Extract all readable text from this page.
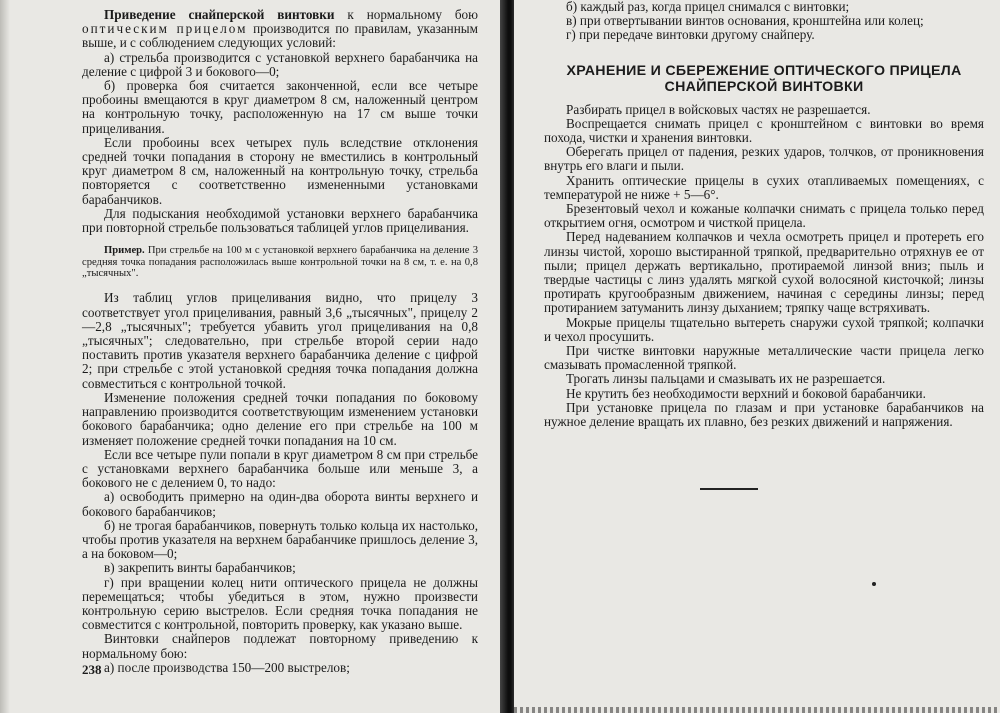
Приведение снайперской винтовки к нормальному бою оптическим прицелом производится по правилам, указанным выше, и с соблюдением следующих условий:

а) стрельба производится с установкой верхнего барабанчика на деление с цифрой 3 и бокового—0;

б) проверка боя считается законченной, если все четыре пробоины вмещаются в круг диаметром 8 см, наложенный центром на контрольную точку, расположенную на 17 см выше точки прицеливания.

Если пробоины всех четырех пуль вследствие отклонения средней точки попадания в сторону не вместились в контрольный круг диаметром 8 см, наложенный на контрольную точку, стрельба повторяется с соответственно измененными установками барабанчиков.

Для подыскания необходимой установки верхнего барабанчика при повторной стрельбе пользоваться таблицей углов прицеливания.

Пример. При стрельбе на 100 м с установкой верхнего барабанчика на деление 3 средняя точка попадания расположилась выше контрольной точки на 8 см, т. е. на 0,8 „тысячных".

Из таблиц углов прицеливания видно, что прицелу 3 соответствует угол прицеливания, равный 3,6 „тысячных", прицелу 2—2,8 „тысячных"; требуется убавить угол прицеливания на 0,8 „тысячных"; следовательно, при стрельбе второй серии надо поставить против указателя верхнего барабанчика деление с цифрой 2; при стрельбе с этой установкой средняя точка попадания должна совместиться с контрольной точкой.

Изменение положения средней точки попадания по боковому направлению производится соответствующим изменением установки бокового барабанчика; одно деление его при стрельбе на 100 м изменяет положение средней точки попадания на 10 см.

Если все четыре пули попали в круг диаметром 8 см при стрельбе с установками верхнего барабанчика больше или меньше 3, а бокового не с делением 0, то надо:

а) освободить примерно на один-два оборота винты верхнего и бокового барабанчиков;

б) не трогая барабанчиков, повернуть только кольца их настолько, чтобы против указателя на верхнем барабанчике пришлось деление 3, а на боковом—0;

в) закрепить винты барабанчиков;

г) при вращении колец нити оптического прицела не должны перемещаться; чтобы убедиться в этом, нужно произвести контрольную серию выстрелов. Если средняя точка попадания не совместится с контрольной, повторить проверку, как указано выше.

Винтовки снайперов подлежат повторному приведению к нормальному бою:

а) после производства 150—200 выстрелов;

238

б) каждый раз, когда прицел снимался с винтовки;

в) при отвертывании винтов основания, кронштейна или колец;

г) при передаче винтовки другому снайперу.

ХРАНЕНИЕ И СБЕРЕЖЕНИЕ ОПТИЧЕСКОГО ПРИЦЕЛА СНАЙПЕРСКОЙ ВИНТОВКИ

Разбирать прицел в войсковых частях не разрешается.

Воспрещается снимать прицел с кронштейном с винтовки во время похода, чистки и хранения винтовки.

Оберегать прицел от падения, резких ударов, толчков, от проникновения внутрь его влаги и пыли.

Хранить оптические прицелы в сухих отапливаемых помещениях, с температурой не ниже + 5—6°.

Брезентовый чехол и кожаные колпачки снимать с прицела только перед открытием огня, осмотром и чисткой прицела.

Перед надеванием колпачков и чехла осмотреть прицел и протереть его линзы чистой, хорошо выстиранной тряпкой, предварительно отряхнув ее от пыли; прицел держать вертикально, протираемой линзой вниз; пыль и твердые частицы с линз удалять мягкой сухой волосяной кисточкой; линзы протирать кругообразным движением, начиная с середины линзы; перед протиранием затуманить линзу дыханием; тряпку чаще встряхивать.

Мокрые прицелы тщательно вытереть снаружи сухой тряпкой; колпачки и чехол просушить.

При чистке винтовки наружные металлические части прицела легко смазывать промасленной тряпкой.

Трогать линзы пальцами и смазывать их не разрешается.

Не крутить без необходимости верхний и боковой барабанчики.

При установке прицела по глазам и при установке барабанчиков на нужное деление вращать их плавно, без резких движений и напряжения.
